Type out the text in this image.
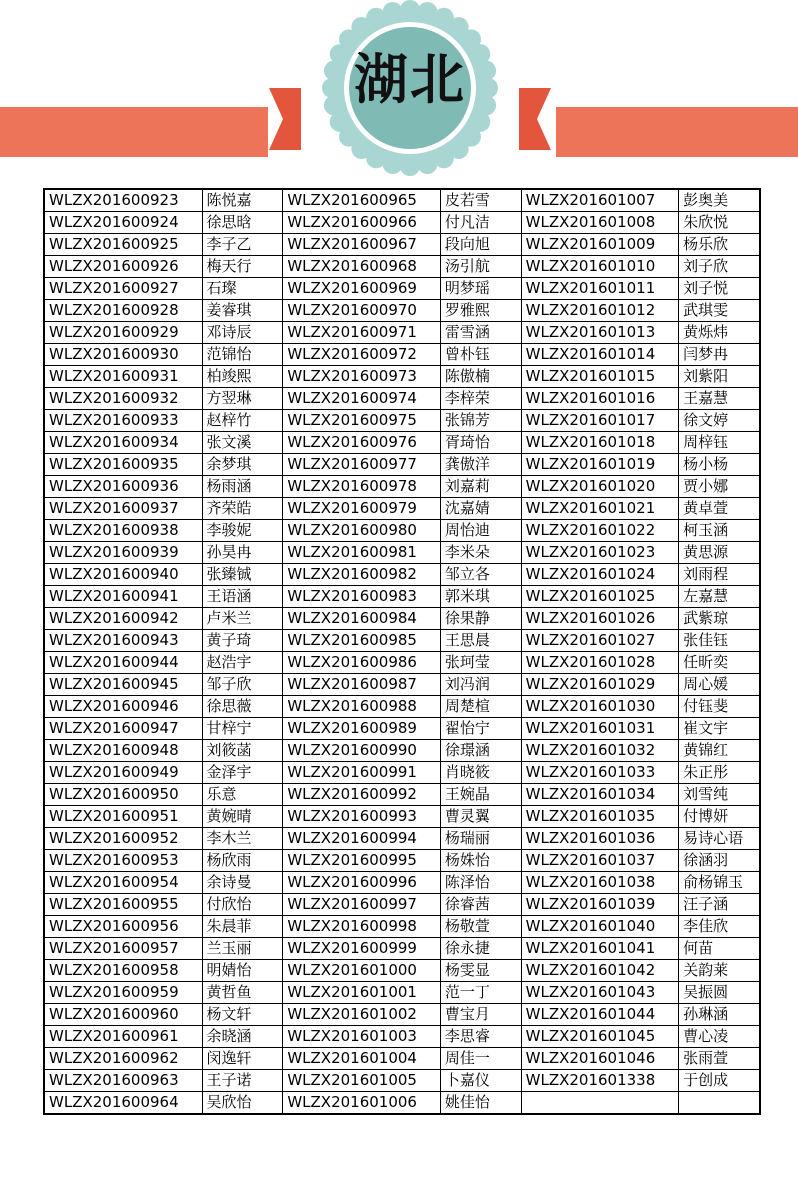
湖北
WLZX201600923	陈悦嘉	WLZX201600965	皮若雪	WLZX201601007	彭奥美
WLZX201600924	徐思晗	WLZX201600966	付凡洁	WLZX201601008	朱欣悦
WLZX201600925	李子乙	WLZX201600967	段向旭	WLZX201601009	杨乐欣
WLZX201600926	梅天行	WLZX201600968	汤引航	WLZX201601010	刘子欣
WLZX201600927	石璨	WLZX201600969	明梦瑶	WLZX201601011	刘子悦
WLZX201600928	姜睿琪	WLZX201600970	罗雅熙	WLZX201601012	武琪雯
WLZX201600929	邓诗辰	WLZX201600971	雷雪涵	WLZX201601013	黄烁炜
WLZX201600930	范锦怡	WLZX201600972	曾朴钰	WLZX201601014	闫梦冉
WLZX201600931	柏竣熙	WLZX201600973	陈傲楠	WLZX201601015	刘紫阳
WLZX201600932	方翌琳	WLZX201600974	李梓荣	WLZX201601016	王嘉慧
WLZX201600933	赵梓竹	WLZX201600975	张锦芳	WLZX201601017	徐文婷
WLZX201600934	张文溪	WLZX201600976	胥琦怡	WLZX201601018	周梓钰
WLZX201600935	余梦琪	WLZX201600977	龚傲洋	WLZX201601019	杨小杨
WLZX201600936	杨雨涵	WLZX201600978	刘嘉莉	WLZX201601020	贾小娜
WLZX201600937	齐荣皓	WLZX201600979	沈嘉婧	WLZX201601021	黄卓萱
WLZX201600938	李骏妮	WLZX201600980	周怡迪	WLZX201601022	柯玉涵
WLZX201600939	孙昊冉	WLZX201600981	李米朵	WLZX201601023	黄思源
WLZX201600940	张臻铖	WLZX201600982	邹立各	WLZX201601024	刘雨程
WLZX201600941	王语涵	WLZX201600983	郭米琪	WLZX201601025	左嘉慧
WLZX201600942	卢米兰	WLZX201600984	徐果静	WLZX201601026	武紫琼
WLZX201600943	黄子琦	WLZX201600985	王思晨	WLZX201601027	张佳钰
WLZX201600944	赵浩宇	WLZX201600986	张珂莹	WLZX201601028	任昕奕
WLZX201600945	邹子欣	WLZX201600987	刘冯润	WLZX201601029	周心媛
WLZX201600946	徐思薇	WLZX201600988	周楚楦	WLZX201601030	付钰斐
WLZX201600947	甘梓宁	WLZX201600989	翟怡宁	WLZX201601031	崔文宇
WLZX201600948	刘筱菡	WLZX201600990	徐璟涵	WLZX201601032	黄锦红
WLZX201600949	金泽宇	WLZX201600991	肖晓筱	WLZX201601033	朱正彤
WLZX201600950	乐意	WLZX201600992	王婉晶	WLZX201601034	刘雪纯
WLZX201600951	黄婉晴	WLZX201600993	曹灵翼	WLZX201601035	付博妍
WLZX201600952	李木兰	WLZX201600994	杨瑞丽	WLZX201601036	易诗心语
WLZX201600953	杨欣雨	WLZX201600995	杨姝怡	WLZX201601037	徐涵羽
WLZX201600954	余诗曼	WLZX201600996	陈泽怡	WLZX201601038	俞杨锦玉
WLZX201600955	付欣怡	WLZX201600997	徐睿茜	WLZX201601039	汪子涵
WLZX201600956	朱晨菲	WLZX201600998	杨敬萱	WLZX201601040	李佳欣
WLZX201600957	兰玉丽	WLZX201600999	徐永捷	WLZX201601041	何苗
WLZX201600958	明婧怡	WLZX201601000	杨雯显	WLZX201601042	关韵莱
WLZX201600959	黄哲鱼	WLZX201601001	范一丁	WLZX201601043	吴振圆
WLZX201600960	杨文轩	WLZX201601002	曹宝月	WLZX201601044	孙琳涵
WLZX201600961	余晓涵	WLZX201601003	李思睿	WLZX201601045	曹心凌
WLZX201600962	闵逸轩	WLZX201601004	周佳一	WLZX201601046	张雨萱
WLZX201600963	王子诺	WLZX201601005	卜嘉仪	WLZX201601338	于创成
WLZX201600964	吴欣怡	WLZX201601006	姚佳怡		
